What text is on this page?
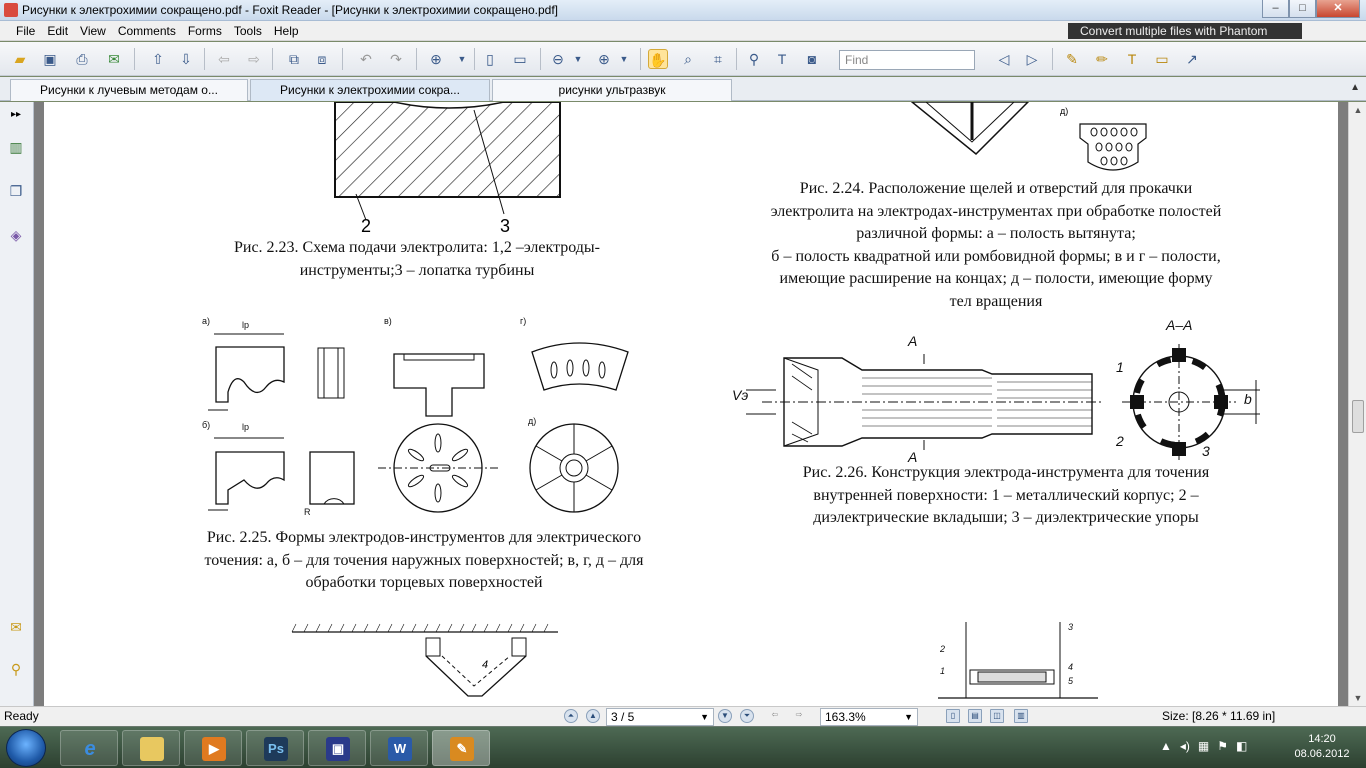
Рисунки к электрохимии сокращено.pdf - Foxit Reader - [Рисунки к электрохимии сокращено.pdf]	–	□	✕
File	Edit	View	Comments	Forms	Tools	Help	Convert multiple files with Phantom
▰	▣	⎙	✉ ⇧ ⇩ ⇦ ⇨	⧉	⧈	↶ ↷ ⊕	▼	▯	▭ ⊖	▼	⊕	▼	✋	⌕	⌗	⚲	T	◙	Find	◁	▷	✎ ✏	T	▭ ↗
Рисунки к лучевым методам о...	Рисунки к электрохимии сокра...	рисунки ультразвук	▲
▸▸
▥
❐
◈
✉
⚲
2	3
Рис. 2.23. Схема подачи электролита: 1,2 –электроды-
инструменты;3 – лопатка турбины
д)
Рис. 2.24. Расположение щелей и отверстий для прокачки
электролита на электродах-инструментах при обработке полостей
различной формы: а – полость вытянута;
б – полость квадратной или ромбовидной формы; в и г – полости,
имеющие расширение на концах; д – полости, имеющие форму
тел вращения
а)	lp	в)	г)
б)	lp
д)
R
Рис. 2.25. Формы электродов-инструментов для электрического
точения: а, б – для точения наружных поверхностей; в, г, д – для
обработки торцевых поверхностей
А–А
А
А
Vэ
1
2
3
b
Рис. 2.26. Конструкция электрода-инструмента для точения
внутренней поверхности: 1 – металлический корпус; 2 –
диэлектрические вкладыши; 3 – диэлектрические упоры
4
2
1
3
4
5
▲
▼
Ready	⏶	▲	3 / 5	▼	▼	⏷	⇦	⇨	163.3%	▼	▯	▤	◫	▥	Size: [8.26 * 11.69 in]
e	▶	Ps	▣	W	✎	▲ ◂) ▦ ⚑ ◧	14:20
08.06.2012
